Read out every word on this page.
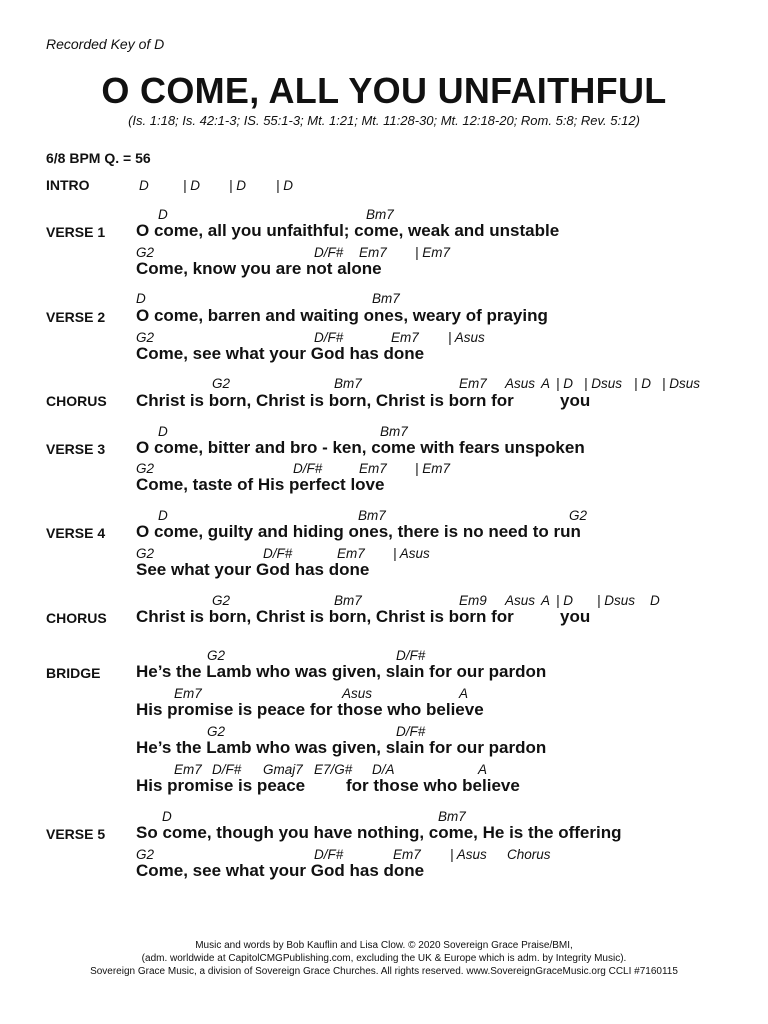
Recorded Key of D
O COME, ALL YOU UNFAITHFUL
(Is. 1:18; Is. 42:1-3; IS. 55:1-3; Mt. 1:21; Mt. 11:28-30; Mt. 12:18-20; Rom. 5:8; Rev. 5:12)
6/8 BPM Q. = 56
INTRO	D	| D | D | D
D	Bm7
VERSE 1 O come, all you unfaithful; come, weak and unstable
G2	D/F# Em7 | Em7
Come, know you are not alone
D	Bm7
VERSE 2 O come, barren and waiting ones, weary of praying
G2	D/F#	Em7 | Asus
Come, see what your God has done
G2	Bm7	Em7 Asus A | D | Dsus | D | Dsus
CHORUS Christ is born, Christ is born, Christ is born for	you
D	Bm7
VERSE 3 O come, bitter and bro - ken, come with fears unspoken
G2	D/F#	Em7 | Em7
Come, taste of His perfect love
D	Bm7	G2
VERSE 4 O come, guilty and hiding ones, there is no need to run
G2	D/F#	Em7 | Asus
See what your God has done
G2	Bm7	Em9 Asus A | D | Dsus D
CHORUS Christ is born, Christ is born, Christ is born for	you
G2	D/F#
BRIDGE He’s the Lamb who was given, slain for our pardon
Em7	Asus	A
His promise is peace for those who believe
G2	D/F#
He’s the Lamb who was given, slain for our pardon
Em7 D/F# Gmaj7 E7/G# D/A	A
His promise is peace for those who believe
D	Bm7
VERSE 5 So come, though you have nothing, come, He is the offering
G2	D/F#	Em7 | Asus Chorus
Come, see what your God has done
Music and words by Bob Kauflin and Lisa Clow. © 2020 Sovereign Grace Praise/BMI,
(adm. worldwide at CapitolCMGPublishing.com, excluding the UK & Europe which is adm. by Integrity Music).
Sovereign Grace Music, a division of Sovereign Grace Churches. All rights reserved. www.SovereignGraceMusic.org CCLI #7160115
